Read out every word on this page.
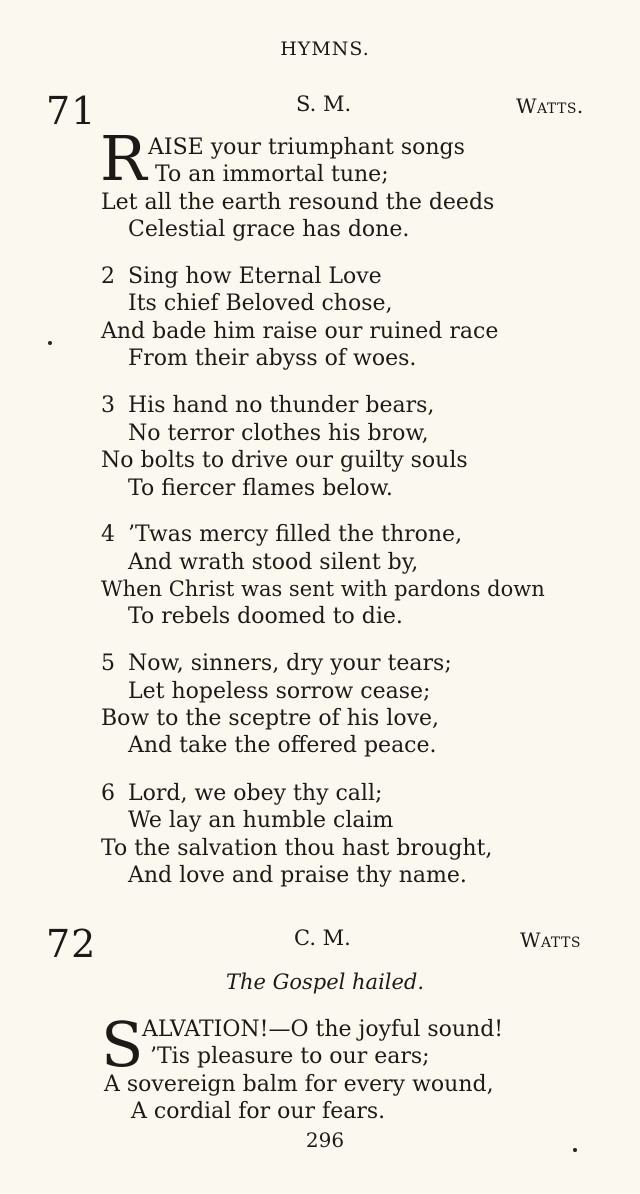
HYMNS.
71	S. M.	Watts.
R AISE your triumphant songs
To an immortal tune;
Let all the earth resound the deeds
Celestial grace has done.
2 Sing how Eternal Love
Its chief Beloved chose,
And bade him raise our ruined race
From their abyss of woes.
3 His hand no thunder bears,
No terror clothes his brow,
No bolts to drive our guilty souls
To fiercer flames below.
4 ’Twas mercy filled the throne,
And wrath stood silent by,
When Christ was sent with pardons down
To rebels doomed to die.
5 Now, sinners, dry your tears;
Let hopeless sorrow cease;
Bow to the sceptre of his love,
And take the offered peace.
6 Lord, we obey thy call;
We lay an humble claim
To the salvation thou hast brought,
And love and praise thy name.
72	C. M.	Watts
The Gospel hailed.
S
ALVATION!—O the joyful sound!
’Tis pleasure to our ears;
A sovereign balm for every wound,
A cordial for our fears.
296
